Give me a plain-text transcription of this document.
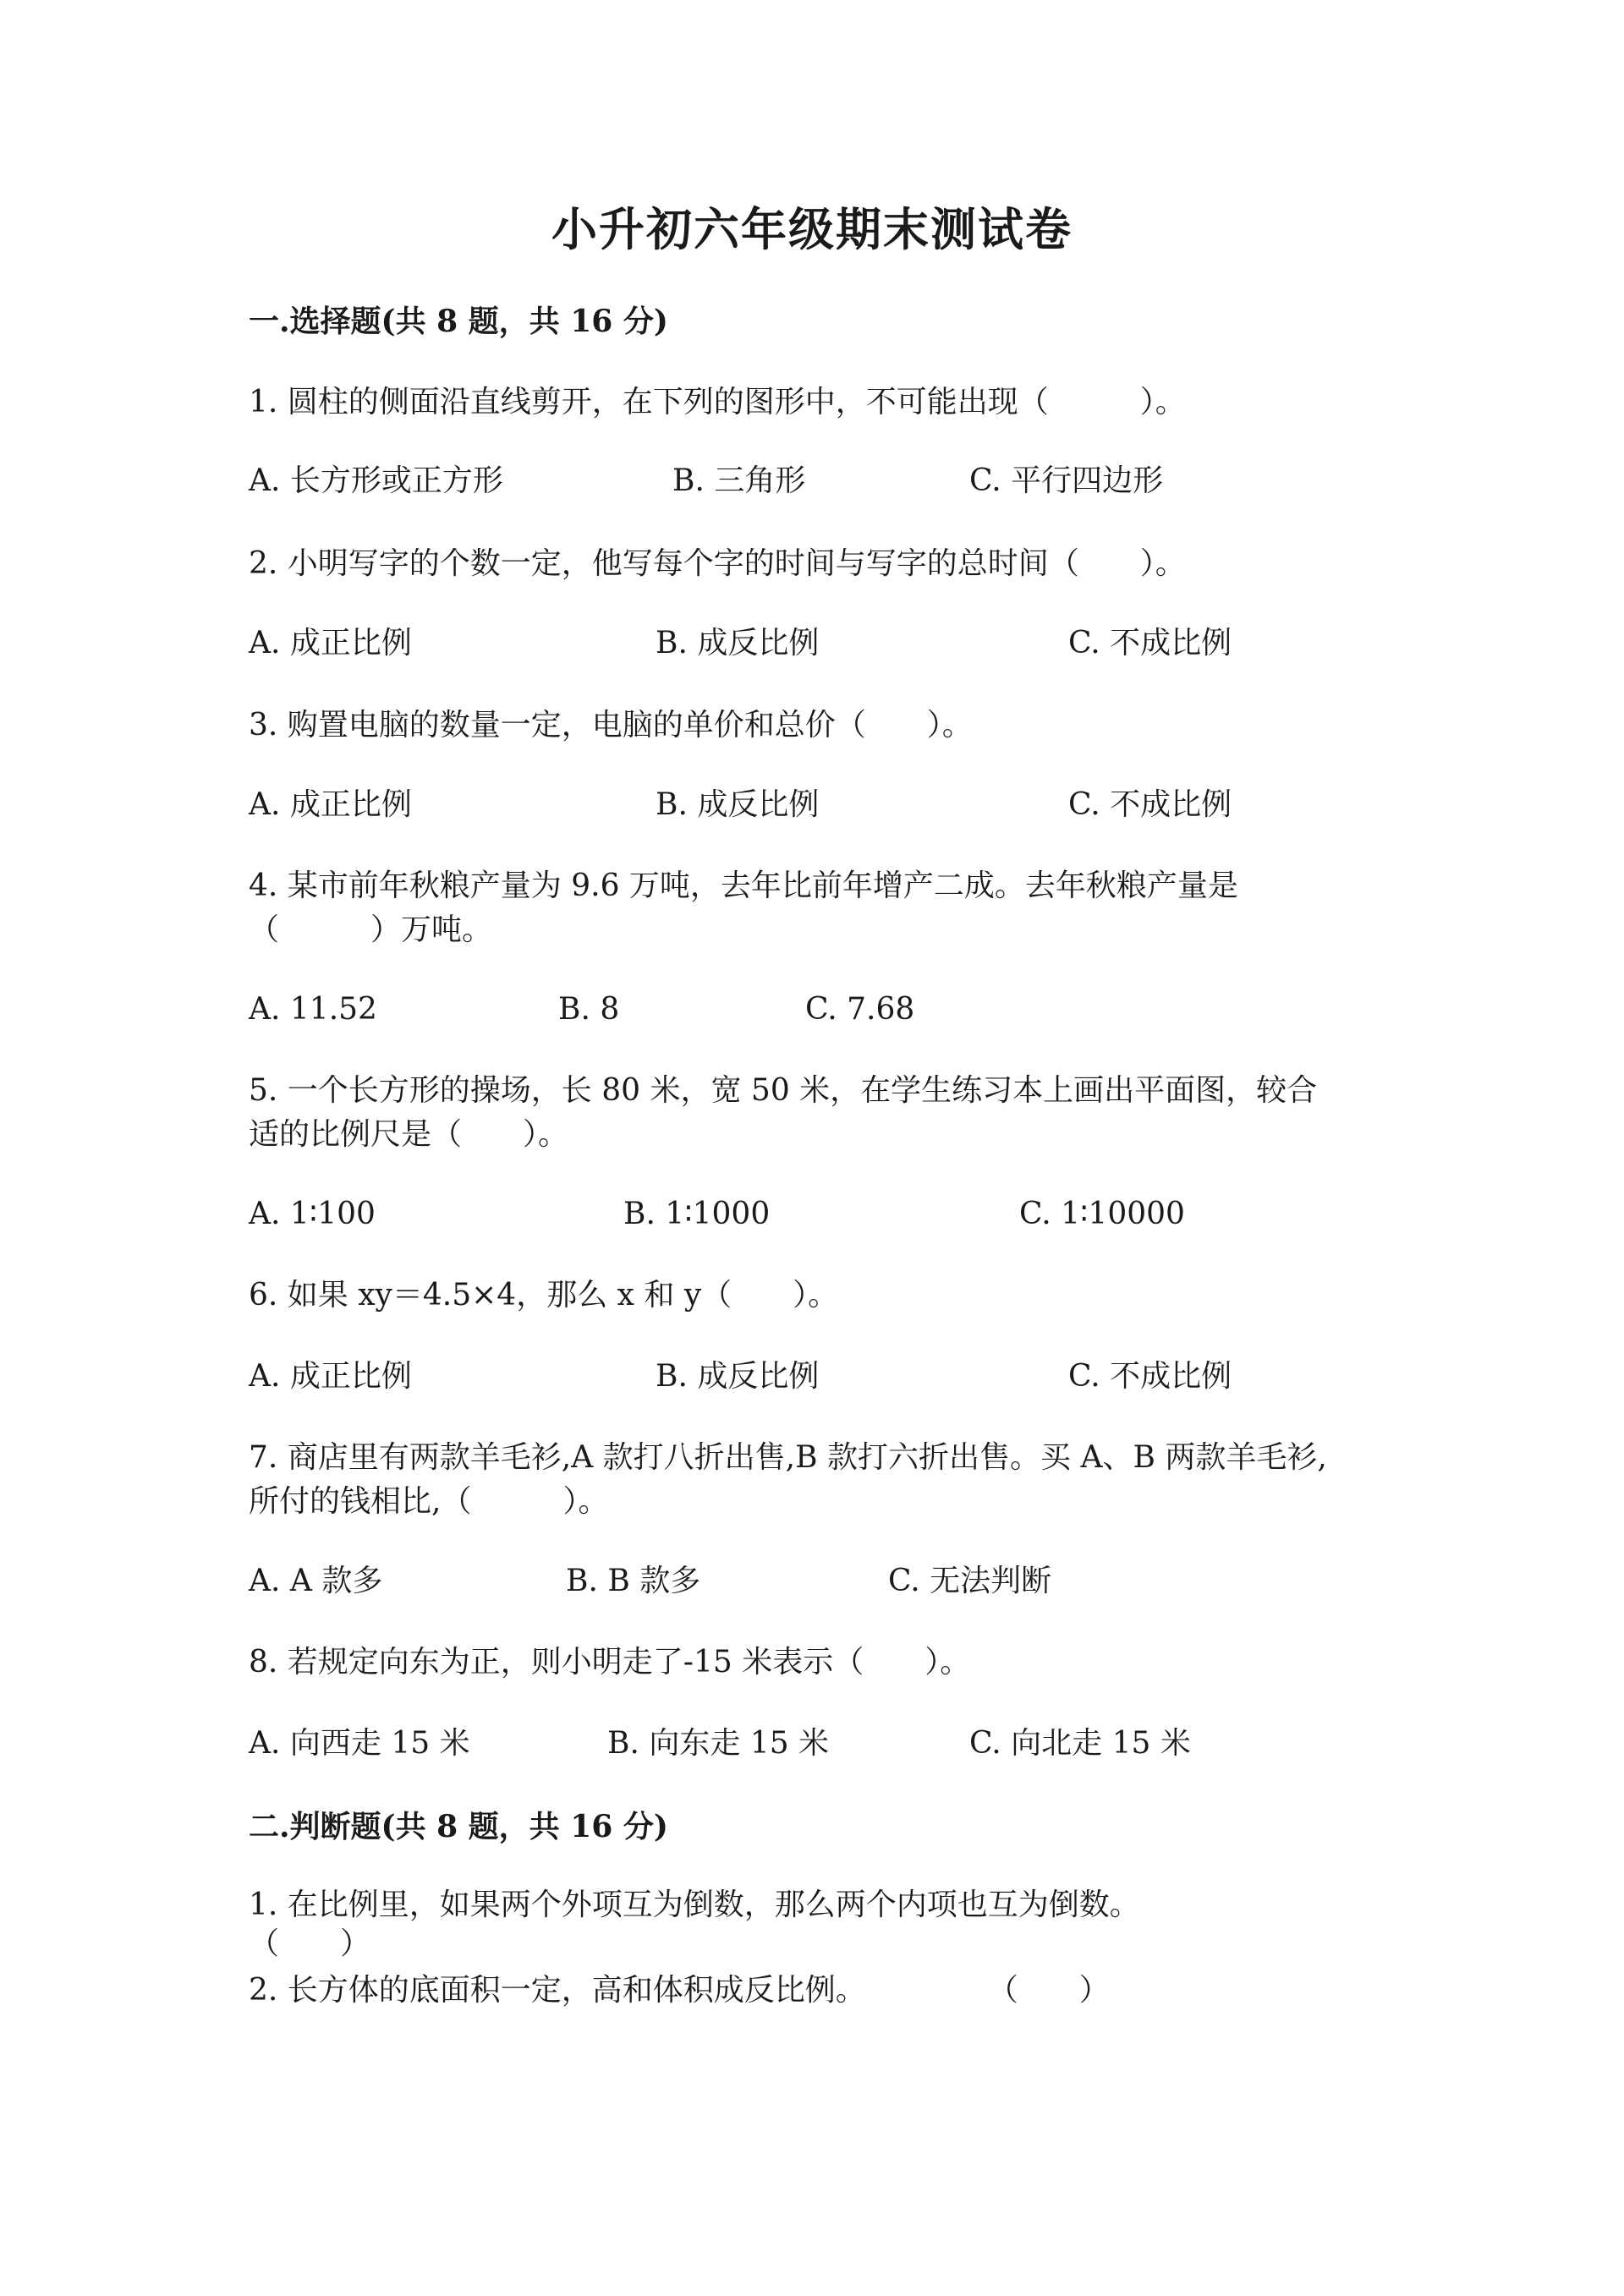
小升初六年级期末测试卷
一.选择题(共 8 题，共 16 分)
1. 圆柱的侧面沿直线剪开，在下列的图形中，不可能出现（　　　）。
A. 长方形或正方形	B. 三角形	C. 平行四边形
2. 小明写字的个数一定，他写每个字的时间与写字的总时间（　　）。
A. 成正比例	B. 成反比例	C. 不成比例
3. 购置电脑的数量一定，电脑的单价和总价（　　）。
A. 成正比例	B. 成反比例	C. 不成比例
4. 某市前年秋粮产量为 9.6 万吨，去年比前年增产二成。去年秋粮产量是
（　　　）万吨。
A. 11.52	B. 8	C. 7.68
5. 一个长方形的操场，长 80 米，宽 50 米，在学生练习本上画出平面图，较合
适的比例尺是（　　）。
A. 1∶100	B. 1∶1000	C. 1∶10000
6. 如果 xy＝4.5×4，那么 x 和 y（　　）。
A. 成正比例	B. 成反比例	C. 不成比例
7. 商店里有两款羊毛衫,A 款打八折出售,B 款打六折出售。买 A、B 两款羊毛衫,
所付的钱相比,（　　　）。
A. A 款多	B. B 款多	C. 无法判断
8. 若规定向东为正，则小明走了-15 米表示（　　）。
A. 向西走 15 米	B. 向东走 15 米	C. 向北走 15 米
二.判断题(共 8 题，共 16 分)
1. 在比例里，如果两个外项互为倒数，那么两个内项也互为倒数。
（　　）
2. 长方体的底面积一定，高和体积成反比例。　　　　　（　　）
